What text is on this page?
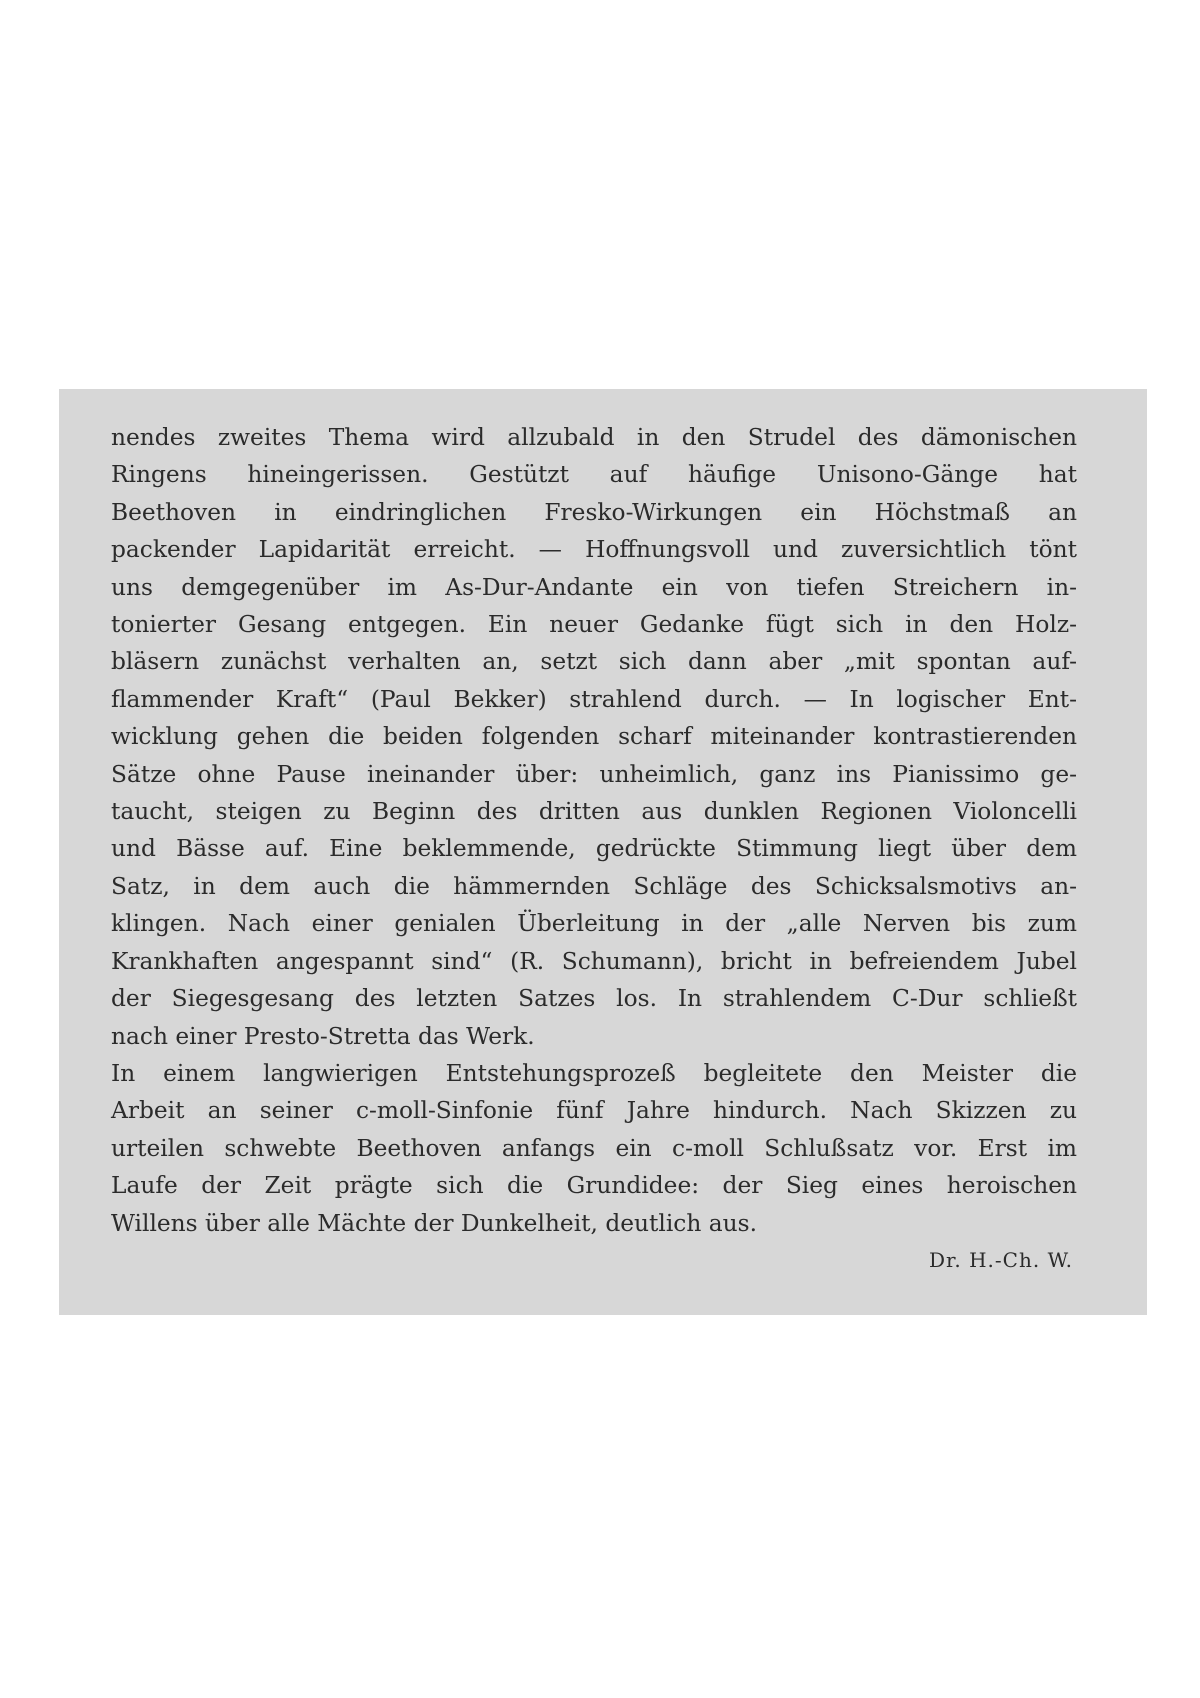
nendes zweites Thema wird allzubald in den Strudel des dämonischen
Ringens hineingerissen. Gestützt auf häufige Unisono-Gänge hat
Beethoven in eindringlichen Fresko-Wirkungen ein Höchstmaß an
packender Lapidarität erreicht. — Hoffnungsvoll und zuversichtlich tönt
uns demgegenüber im As-Dur-Andante ein von tiefen Streichern in-
tonierter Gesang entgegen. Ein neuer Gedanke fügt sich in den Holz-
bläsern zunächst verhalten an, setzt sich dann aber „mit spontan auf-
flammender Kraft“ (Paul Bekker) strahlend durch. — In logischer Ent-
wicklung gehen die beiden folgenden scharf miteinander kontrastierenden
Sätze ohne Pause ineinander über: unheimlich, ganz ins Pianissimo ge-
taucht, steigen zu Beginn des dritten aus dunklen Regionen Violoncelli
und Bässe auf. Eine beklemmende, gedrückte Stimmung liegt über dem
Satz, in dem auch die hämmernden Schläge des Schicksalsmotivs an-
klingen. Nach einer genialen Überleitung in der „alle Nerven bis zum
Krankhaften angespannt sind“ (R. Schumann), bricht in befreiendem Jubel
der Siegesgesang des letzten Satzes los. In strahlendem C-Dur schließt
nach einer Presto-Stretta das Werk.
In einem langwierigen Entstehungsprozeß begleitete den Meister die
Arbeit an seiner c-moll-Sinfonie fünf Jahre hindurch. Nach Skizzen zu
urteilen schwebte Beethoven anfangs ein c-moll Schlußsatz vor. Erst im
Laufe der Zeit prägte sich die Grundidee: der Sieg eines heroischen
Willens über alle Mächte der Dunkelheit, deutlich aus.
Dr. H.-Ch. W.
